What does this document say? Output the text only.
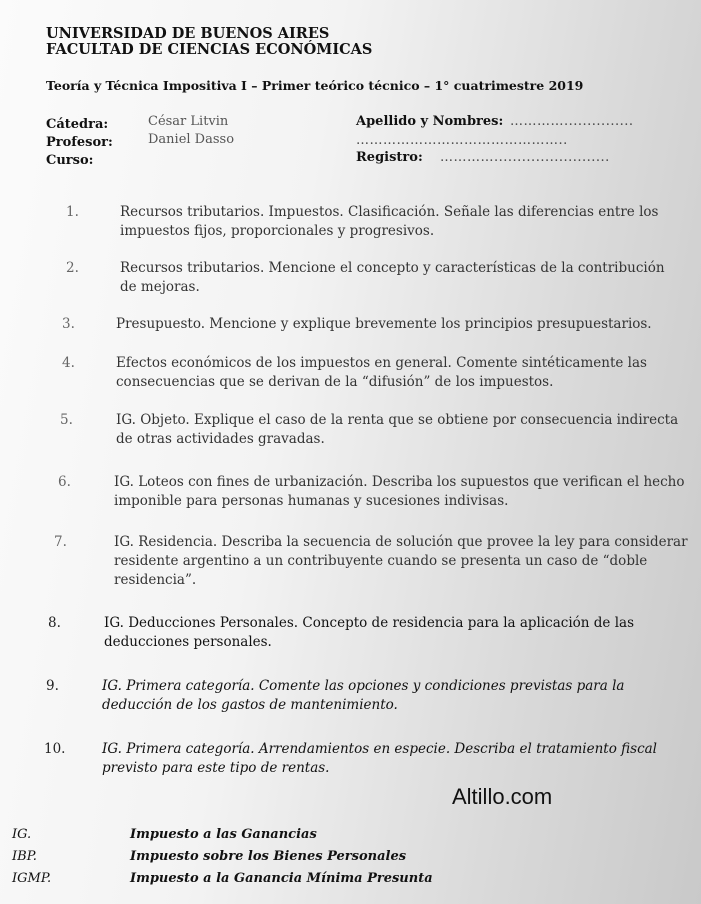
UNIVERSIDAD DE BUENOS AIRES
FACULTAD DE CIENCIAS ECONÓMICAS
Teoría y Técnica Impositiva I – Primer teórico técnico – 1° cuatrimestre 2019
Cátedra:	César Litvin
Profesor:	Daniel Dasso
Curso:
Apellido y Nombres: …………...............
………………………………………..
Registro: ………….........................
1.	Recursos tributarios. Impuestos. Clasificación. Señale las diferencias entre los impuestos fijos, proporcionales y progresivos.
2.	Recursos tributarios. Mencione el concepto y características de la contribución de mejoras.
3.	Presupuesto. Mencione y explique brevemente los principios presupuestarios.
4.	Efectos económicos de los impuestos en general. Comente sintéticamente las consecuencias que se derivan de la “difusión” de los impuestos.
5.	IG. Objeto. Explique el caso de la renta que se obtiene por consecuencia indirecta de otras actividades gravadas.
6.	IG. Loteos con fines de urbanización. Describa los supuestos que verifican el hecho imponible para personas humanas y sucesiones indivisas.
7.	IG. Residencia. Describa la secuencia de solución que provee la ley para considerar residente argentino a un contribuyente cuando se presenta un caso de “doble residencia”.
8.	IG. Deducciones Personales. Concepto de residencia para la aplicación de las deducciones personales.
9.	IG. Primera categoría. Comente las opciones y condiciones previstas para la deducción de los gastos de mantenimiento.
10.	IG. Primera categoría. Arrendamientos en especie. Describa el tratamiento fiscal previsto para este tipo de rentas.
Altillo.com
IG.	Impuesto a las Ganancias
IBP.	Impuesto sobre los Bienes Personales
IGMP.	Impuesto a la Ganancia Mínima Presunta
